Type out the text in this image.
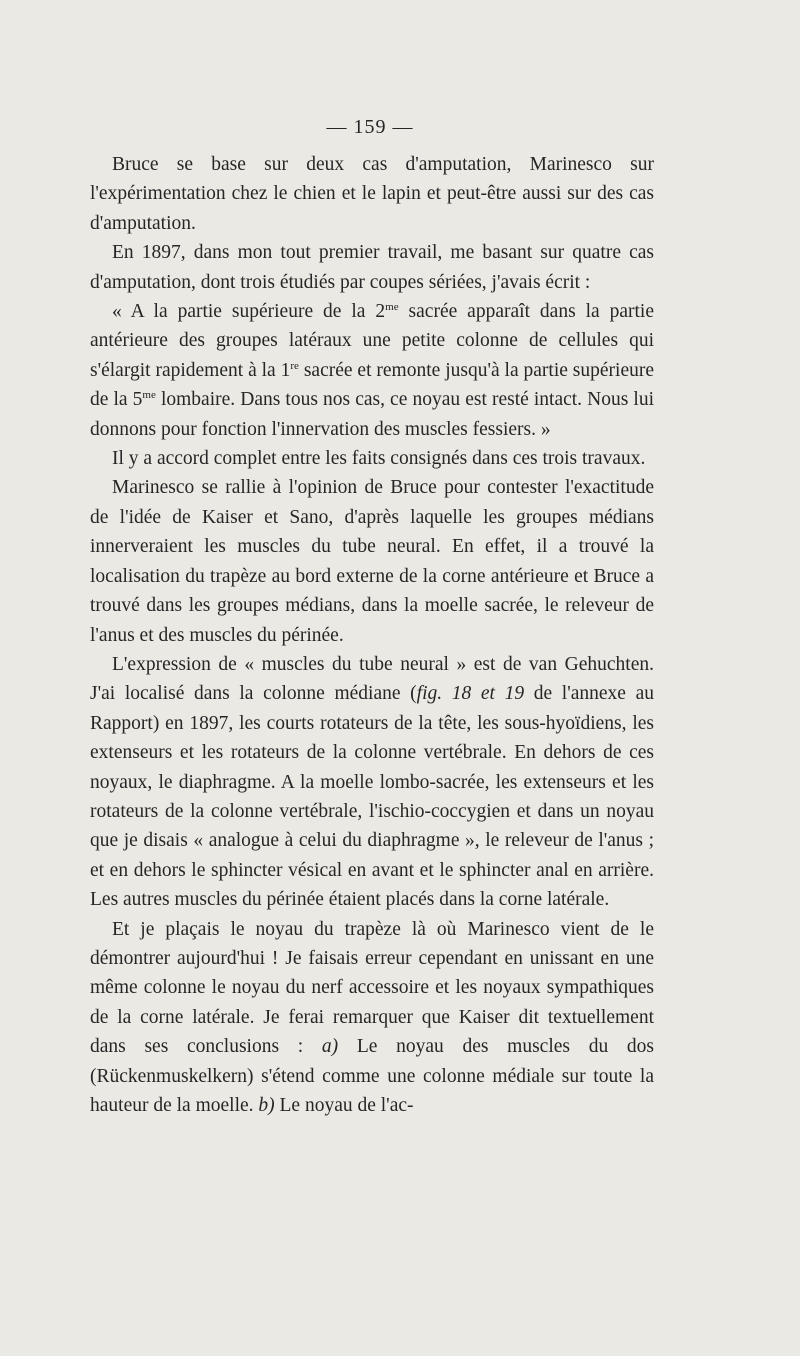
— 159 —

Bruce se base sur deux cas d'amputation, Marinesco sur l'expérimentation chez le chien et le lapin et peut-être aussi sur des cas d'amputation.

En 1897, dans mon tout premier travail, me basant sur quatre cas d'amputation, dont trois étudiés par coupes sériées, j'avais écrit :

« A la partie supérieure de la $2^{me}$ sacrée apparaît dans la partie antérieure des groupes latéraux une petite colonne de cellules qui s'élargit rapidement à la 1re sacrée et remonte jusqu'à la partie supérieure de la $5^{me}$ lombaire. Dans tous nos cas, ce noyau est resté intact. Nous lui donnons pour fonction l'innervation des muscles fessiers. »

Il y a accord complet entre les faits consignés dans ces trois travaux.

Marinesco se rallie à l'opinion de Bruce pour contester l'exactitude de l'idée de Kaiser et Sano, d'après laquelle les groupes médians innerveraient les muscles du tube neural. En effet, il a trouvé la localisation du trapèze au bord externe de la corne antérieure et Bruce a trouvé dans les groupes médians, dans la moelle sacrée, le releveur de l'anus et des muscles du périnée.

L'expression de « muscles du tube neural » est de van Gehuchten. J'ai localisé dans la colonne médiane (fig. 18 et 19 de l'annexe au Rapport) en 1897, les courts rotateurs de la tête, les sous-hyoïdiens, les extenseurs et les rotateurs de la colonne vertébrale. En dehors de ces noyaux, le diaphragme. A la moelle lombo-sacrée, les extenseurs et les rotateurs de la colonne vertébrale, l'ischio-coccygien et dans un noyau que je disais « analogue à celui du diaphragme », le releveur de l'anus ; et en dehors le sphincter vésical en avant et le sphincter anal en arrière. Les autres muscles du périnée étaient placés dans la corne latérale.

Et je plaçais le noyau du trapèze là où Marinesco vient de le démontrer aujourd'hui ! Je faisais erreur cependant en unissant en une même colonne le noyau du nerf accessoire et les noyaux sympathiques de la corne latérale. Je ferai remarquer que Kaiser dit textuellement dans ses conclusions : a) Le noyau des muscles du dos (Rückenmuskelkern) s'étend comme une colonne médiale sur toute la hauteur de la moelle. b) Le noyau de l'ac-
